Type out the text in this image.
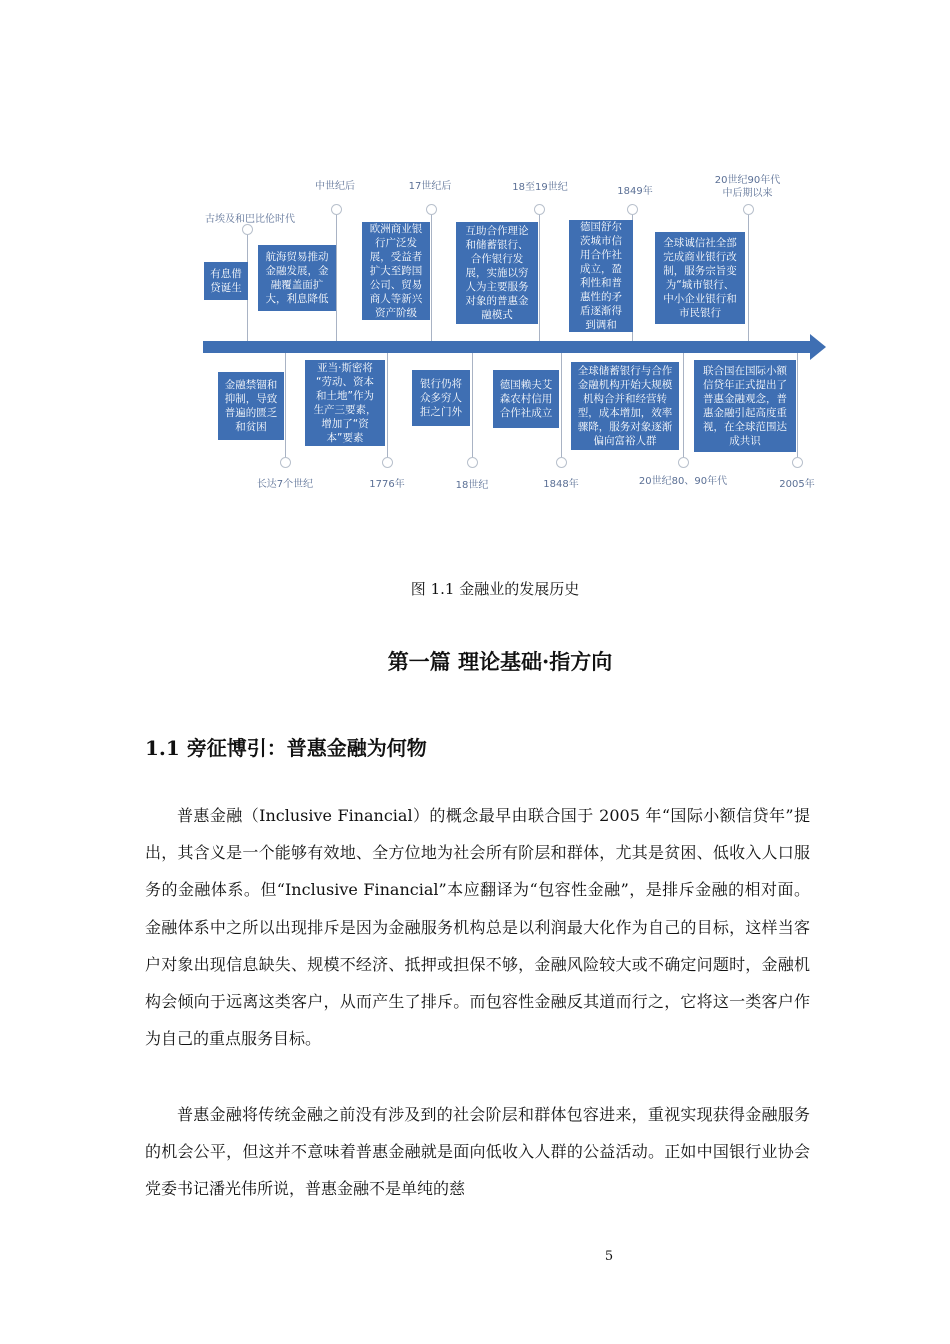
古埃及和巴比伦时代
中世纪后	17世纪后	18至19世纪	1849年
20世纪90年代
中后期以来
有息借
贷诞生
航海贸易推动
金融发展，金
融覆盖面扩
大，利息降低
欧洲商业银
行广泛发
展，受益者
扩大至跨国
公司、贸易
商人等新兴
资产阶级
互助合作理论
和储蓄银行、
合作银行发
展，实施以穷
人为主要服务
对象的普惠金
融模式
德国舒尔
茨城市信
用合作社
成立，盈
利性和普
惠性的矛
盾逐渐得
到调和
全球诚信社全部
完成商业银行改
制，服务宗旨变
为“城市银行、
中小企业银行和
市民银行
金融禁锢和
抑制，导致
普遍的匮乏
和贫困
亚当·斯密将
“劳动、资本
和土地”作为
生产三要素，
增加了“资
本”要素
银行仍将
众多穷人
拒之门外
德国赖夫艾
森农村信用
合作社成立
全球储蓄银行与合作
金融机构开始大规模
机构合并和经营转
型，成本增加，效率
骤降，服务对象逐渐
偏向富裕人群
联合国在国际小额
信贷年正式提出了
普惠金融观念，普
惠金融引起高度重
视，在全球范围达
成共识
长达7个世纪	1776年	18世纪	1848年	20世纪80、90年代	2005年
图 1.1 金融业的发展历史
第一篇 理论基础·指方向
1.1 旁征博引：普惠金融为何物

普惠金融（Inclusive Financial）的概念最早由联合国于 2005 年“国际小额信贷年”提出，其含义是一个能够有效地、全方位地为社会所有阶层和群体，尤其是贫困、低收入人口服务的金融体系。但“Inclusive Financial”本应翻译为“包容性金融”，是排斥金融的相对面。金融体系中之所以出现排斥是因为金融服务机构总是以利润最大化作为自己的目标，这样当客户对象出现信息缺失、规模不经济、抵押或担保不够，金融风险较大或不确定问题时，金融机构会倾向于远离这类客户，从而产生了排斥。而包容性金融反其道而行之，它将这一类客户作为自己的重点服务目标。

普惠金融将传统金融之前没有涉及到的社会阶层和群体包容进来，重视实现获得金融服务的机会公平，但这并不意味着普惠金融就是面向低收入人群的公益活动。正如中国银行业协会党委书记潘光伟所说，普惠金融不是单纯的慈

5
